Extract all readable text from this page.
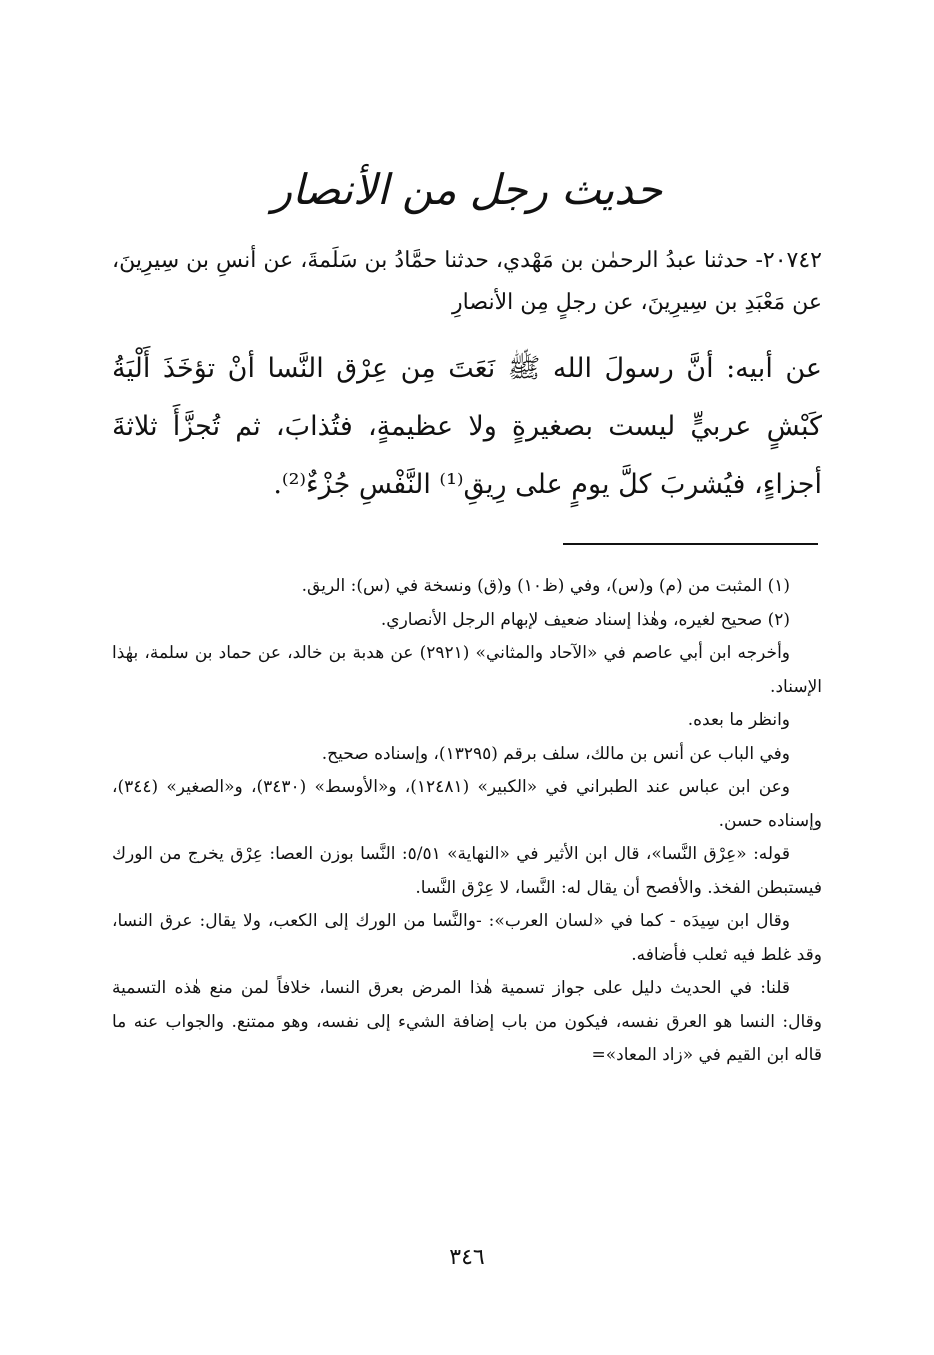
حديث رجل من الأنصار
٢٠٧٤٢- حدثنا عبدُ الرحمٰن بن مَهْدي، حدثنا حمَّادُ بن سَلَمةَ، عن أنسِ بن سِيرِينَ، عن مَعْبَدِ بن سِيرِينَ، عن رجلٍ مِن الأنصارِ
عن أبيه: أنَّ رسولَ الله ﷺ نَعَتَ مِن عِرْق النَّسا أنْ تؤخَذَ أَلْيَةُ كَبْشٍ عربيٍّ ليست بصغيرةٍ ولا عظيمةٍ، فتُذابَ، ثم تُجزَّأَ ثلاثةَ أجزاءٍ، فيُشربَ كلَّ يومٍ على رِيقِ⁽¹⁾ النَّفْسِ جُزْءٌ⁽²⁾.

(١) المثبت من (م) و(س)، وفي (ظ١٠) و(ق) ونسخة في (س): الريق.

(٢) صحيح لغيره، وهٰذا إسناد ضعيف لإبهام الرجل الأنصاري.

وأخرجه ابن أبي عاصم في «الآحاد والمثاني» (٢٩٢١) عن هدبة بن خالد، عن حماد بن سلمة، بهٰذا الإسناد.

وانظر ما بعده.

وفي الباب عن أنس بن مالك، سلف برقم (١٣٢٩٥)، وإسناده صحيح.

وعن ابن عباس عند الطبراني في «الكبير» (١٢٤٨١)، و«الأوسط» (٣٤٣٠)، و«الصغير» (٣٤٤)، وإسناده حسن.

قوله: «عِرْق النَّسا»، قال ابن الأثير في «النهاية» ٥/٥١: النَّسا بوزن العصا: عِرْق يخرج من الورك فيستبطن الفخذ. والأفصح أن يقال له: النَّسا، لا عِرْق النَّسا.

وقال ابن سِيدَه - كما في «لسان العرب»: -والنَّسا من الورك إلى الكعب، ولا يقال: عرق النسا، وقد غلط فيه ثعلب فأضافه.

قلنا: في الحديث دليل على جواز تسمية هٰذا المرض بعرق النسا، خلافاً لمن منع هٰذه التسمية وقال: النسا هو العرق نفسه، فيكون من باب إضافة الشيء إلى نفسه، وهو ممتنع. والجواب عنه ما قاله ابن القيم في «زاد المعاد»=

٣٤٦
